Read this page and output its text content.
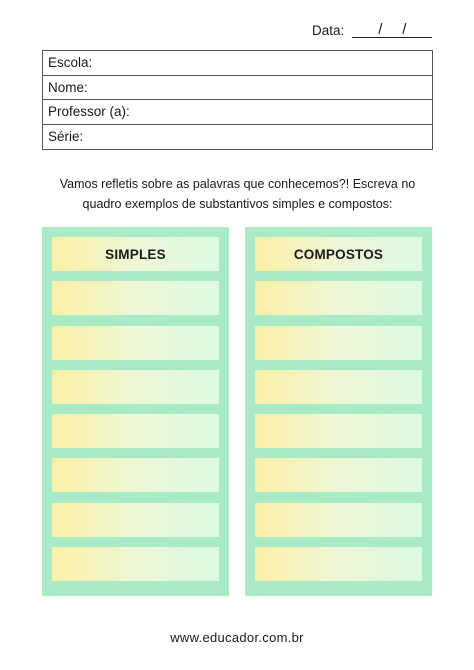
Data: / /
Escola:
Nome:
Professor (a):
Série:
Vamos refletis sobre as palavras que conhecemos?! Escreva no
quadro exemplos de substantivos simples e compostos:
SIMPLES	COMPOSTOS
www.educador.com.br
